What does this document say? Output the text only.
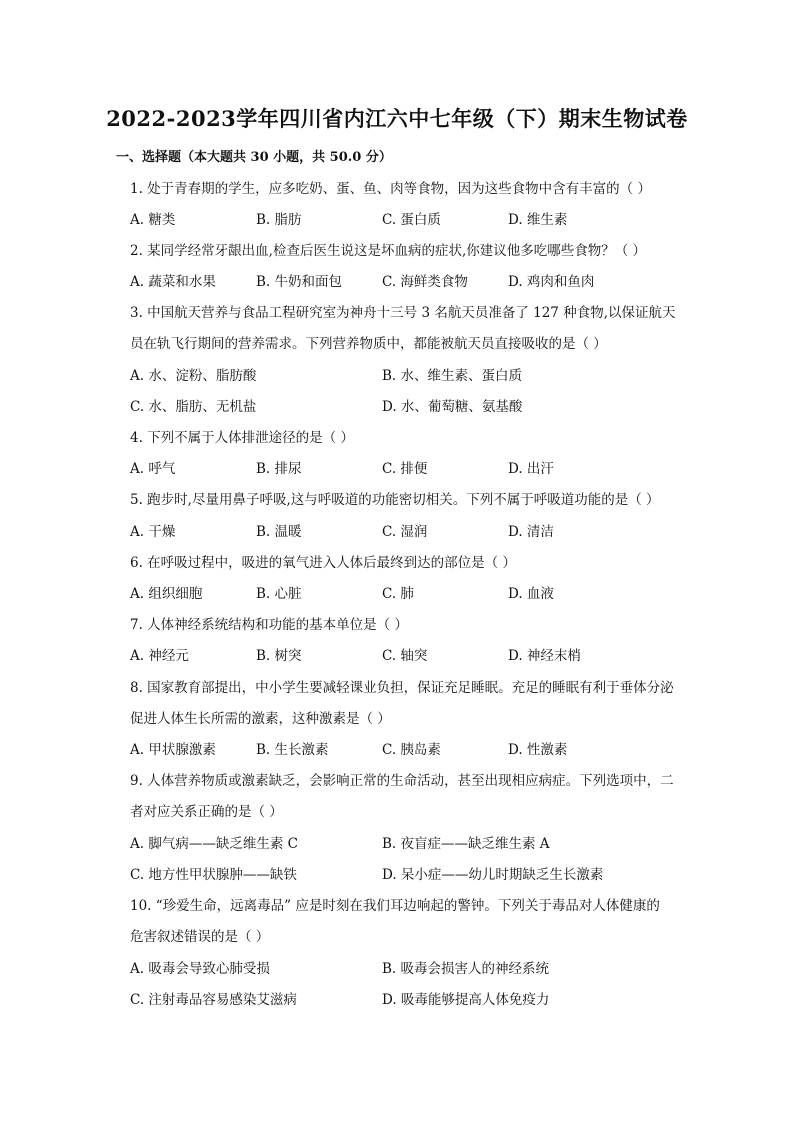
2022-2023学年四川省内江六中七年级（下）期末生物试卷
一、选择题（本大题共 30 小题，共 50.0 分）
1. 处于青春期的学生，应多吃奶、蛋、鱼、肉等食物，因为这些食物中含有丰富的（ ）
A. 糖类	B. 脂肪	C. 蛋白质	D. 维生素
2. 某同学经常牙龈出血,检查后医生说这是坏血病的症状,你建议他多吃哪些食物？（ ）
A. 蔬菜和水果	B. 牛奶和面包	C. 海鲜类食物	D. 鸡肉和鱼肉
3. 中国航天营养与食品工程研究室为神舟十三号 3 名航天员准备了 127 种食物,以保证航天
员在轨飞行期间的营养需求。下列营养物质中，都能被航天员直接吸收的是（ ）
A. 水、淀粉、脂肪酸	B. 水、维生素、蛋白质
C. 水、脂肪、无机盐	D. 水、葡萄糖、氨基酸
4. 下列不属于人体排泄途径的是（ ）
A. 呼气	B. 排尿	C. 排便	D. 出汗
5. 跑步时,尽量用鼻子呼吸,这与呼吸道的功能密切相关。下列不属于呼吸道功能的是（ ）
A. 干燥	B. 温暖	C. 湿润	D. 清洁
6. 在呼吸过程中，吸进的氧气进入人体后最终到达的部位是（ ）
A. 组织细胞	B. 心脏	C. 肺	D. 血液
7. 人体神经系统结构和功能的基本单位是（ ）
A. 神经元	B. 树突	C. 轴突	D. 神经末梢
8. 国家教育部提出，中小学生要减轻课业负担，保证充足睡眠。充足的睡眠有利于垂体分泌
促进人体生长所需的激素，这种激素是（ ）
A. 甲状腺激素	B. 生长激素	C. 胰岛素	D. 性激素
9. 人体营养物质或激素缺乏，会影响正常的生命活动，甚至出现相应病症。下列选项中，二
者对应关系正确的是（ ）
A. 脚气病——缺乏维生素 C	B. 夜盲症——缺乏维生素 A
C. 地方性甲状腺肿——缺铁	D. 呆小症——幼儿时期缺乏生长激素
10. “珍爱生命，远离毒品” 应是时刻在我们耳边响起的警钟。下列关于毒品对人体健康的
危害叙述错误的是（ ）
A. 吸毒会导致心肺受损	B. 吸毒会损害人的神经系统
C. 注射毒品容易感染艾滋病	D. 吸毒能够提高人体免疫力
